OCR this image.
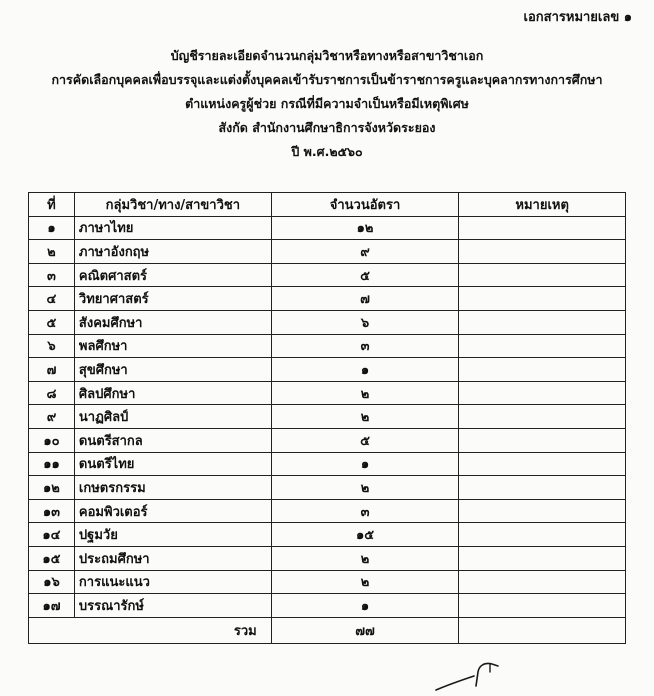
เอกสารหมายเลข ๑
บัญชีรายละเอียดจำนวนกลุ่มวิชาหรือทางหรือสาขาวิชาเอก
การคัดเลือกบุคคลเพื่อบรรจุและแต่งตั้งบุคคลเข้ารับราชการเป็นข้าราชการครูและบุคลากรทางการศึกษา
ตำแหน่งครูผู้ช่วย กรณีที่มีความจำเป็นหรือมีเหตุพิเศษ
สังกัด สำนักงานศึกษาธิการจังหวัดระยอง
ปี พ.ศ.๒๕๖๐
ที่	กลุ่มวิชา/ทาง/สาขาวิชา	จำนวนอัตรา	หมายเหตุ
๑	ภาษาไทย	๑๒	
๒	ภาษาอังกฤษ	๙	
๓	คณิตศาสตร์	๕	
๔	วิทยาศาสตร์	๗	
๕	สังคมศึกษา	๖	
๖	พลศึกษา	๓	
๗	สุขศึกษา	๑	
๘	ศิลปศึกษา	๒	
๙	นาฏศิลป์	๒	
๑๐	ดนตรีสากล	๕	
๑๑	ดนตรีไทย	๑	
๑๒	เกษตรกรรม	๒	
๑๓	คอมพิวเตอร์	๓	
๑๔	ปฐมวัย	๑๕	
๑๕	ประถมศึกษา	๒	
๑๖	การแนะแนว	๒	
๑๗	บรรณารักษ์	๑	
รวม		๗๗	
